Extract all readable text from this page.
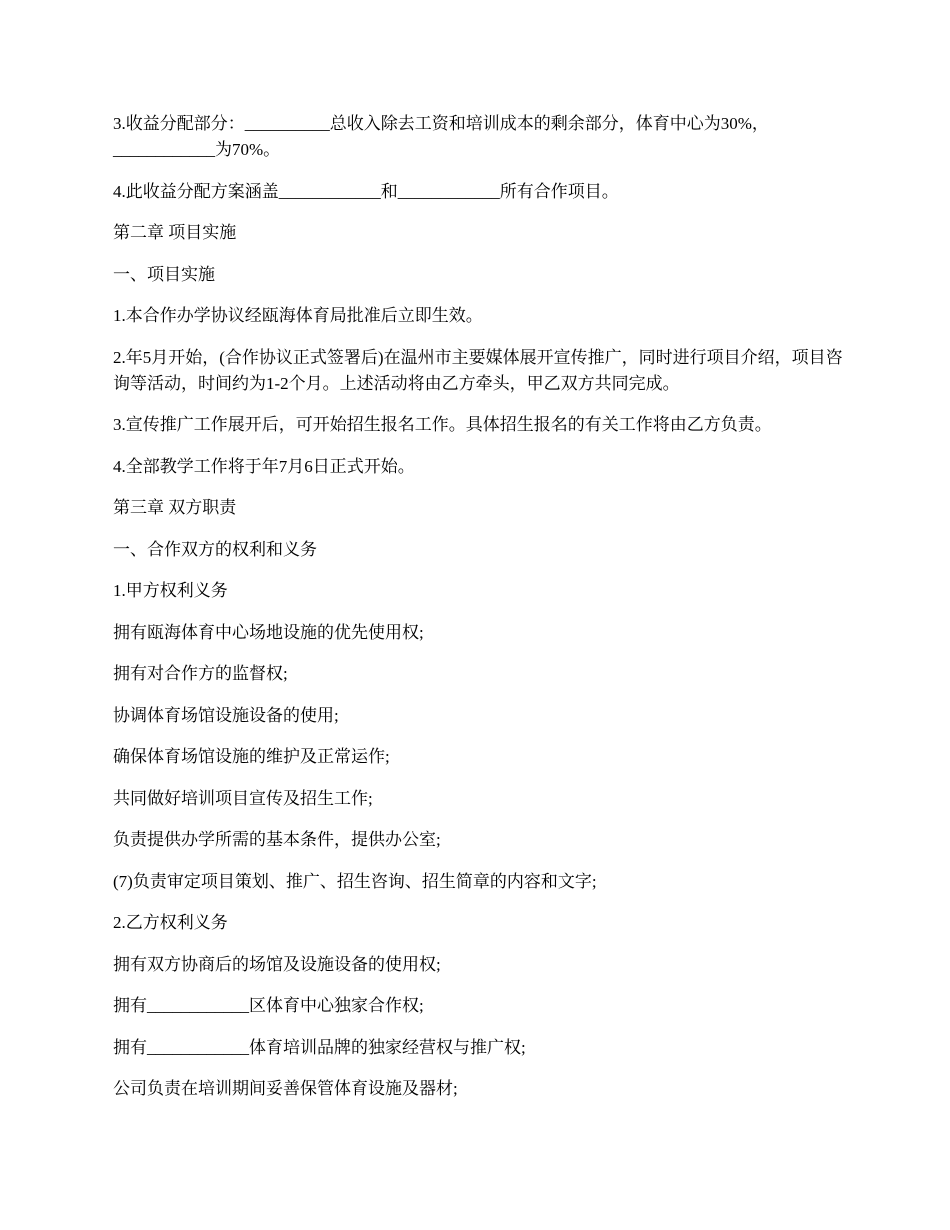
3.收益分配部分：__________总收入除去工资和培训成本的剩余部分，体育中心为30%，____________为70%。

4.此收益分配方案涵盖____________和____________所有合作项目。

第二章 项目实施

一、项目实施

1.本合作办学协议经瓯海体育局批准后立即生效。

2.年5月开始，(合作协议正式签署后)在温州市主要媒体展开宣传推广，同时进行项目介绍，项目咨询等活动，时间约为1-2个月。上述活动将由乙方牵头，甲乙双方共同完成。

3.宣传推广工作展开后，可开始招生报名工作。具体招生报名的有关工作将由乙方负责。

4.全部教学工作将于年7月6日正式开始。

第三章 双方职责

一、合作双方的权利和义务

1.甲方权利义务

拥有瓯海体育中心场地设施的优先使用权;

拥有对合作方的监督权;

协调体育场馆设施设备的使用;

确保体育场馆设施的维护及正常运作;

共同做好培训项目宣传及招生工作;

负责提供办学所需的基本条件，提供办公室;

(7)负责审定项目策划、推广、招生咨询、招生简章的内容和文字;

2.乙方权利义务

拥有双方协商后的场馆及设施设备的使用权;

拥有____________区体育中心独家合作权;

拥有____________体育培训品牌的独家经营权与推广权;

公司负责在培训期间妥善保管体育设施及器材;
